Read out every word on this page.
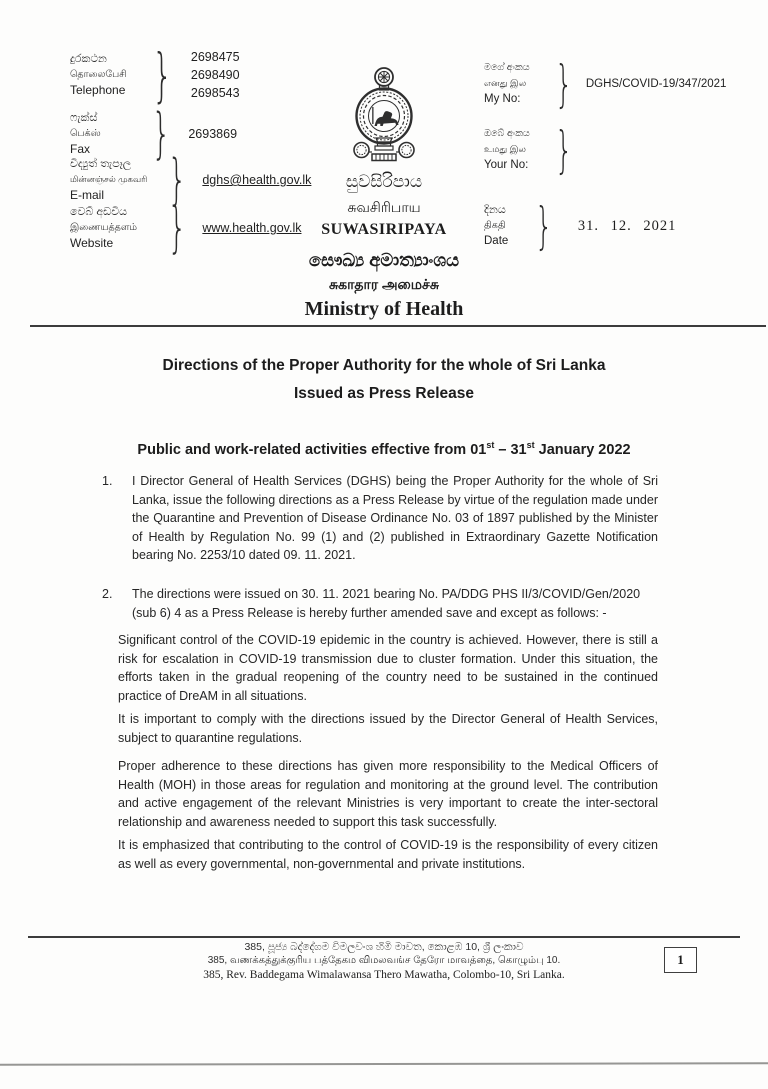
දුරකථන
தொலைபேசி
Telephone } 2698475
2698490
2698543
ෆැක්ස්
பெக்ஸ்
Fax	} 2693869
විද්‍යුත් තැපෑල
மின்னஞ்சல் முகவரி
E-mail	} dghs@health.gov.lk
වෙබ් අඩවිය
இணையத்தளம்
Website	} www.health.gov.lk
මගේ අංකය
எனது இல
My No: } DGHS/COVID-19/347/2021
ඔබේ අංකය
உமது இல
Your No: }
දිනය
திகதி
Date } 31. 12. 2021
සුවසිරිපාය
சுவசிரிபாய
SUWASIRIPAYA
සෞඛ්‍ය අමාත්‍යාංශය
சுகாதார அமைச்சு
Ministry of Health
Directions of the Proper Authority for the whole of Sri Lanka
Issued as Press Release
Public and work-related activities effective from 01st – 31st January 2022
1.	I Director General of Health Services (DGHS) being the Proper Authority for the whole of Sri Lanka, issue the following directions as a Press Release by virtue of the regulation made under the Quarantine and Prevention of Disease Ordinance No. 03 of 1897 published by the Minister of Health by Regulation No. 99 (1) and (2) published in Extraordinary Gazette Notification bearing No. 2253/10 dated 09. 11. 2021.
2.	The directions were issued on 30. 11. 2021 bearing No. PA/DDG PHS II/3/COVID/Gen/2020 (sub 6) 4 as a Press Release is hereby further amended save and except as follows: -
Significant control of the COVID-19 epidemic in the country is achieved. However, there is still a risk for escalation in COVID-19 transmission due to cluster formation. Under this situation, the efforts taken in the gradual reopening of the country need to be sustained in the continued practice of DreAM in all situations.
It is important to comply with the directions issued by the Director General of Health Services, subject to quarantine regulations.
Proper adherence to these directions has given more responsibility to the Medical Officers of Health (MOH) in those areas for regulation and monitoring at the ground level. The contribution and active engagement of the relevant Ministries is very important to create the inter-sectoral relationship and awareness needed to support this task successfully.
It is emphasized that contributing to the control of COVID-19 is the responsibility of every citizen as well as every governmental, non-governmental and private institutions.
385, පූජ්‍ය බද්දේගම විමලවංශ හිමි මාවත, කොළඹ 10, ශ්‍රී ලංකාව
385, வணக்கத்துக்குரிய பத்தேகம விமலவங்ச தேரோ மாவத்தை, கொழும்பு 10.
385, Rev. Baddegama Wimalawansa Thero Mawatha, Colombo-10, Sri Lanka.
1
